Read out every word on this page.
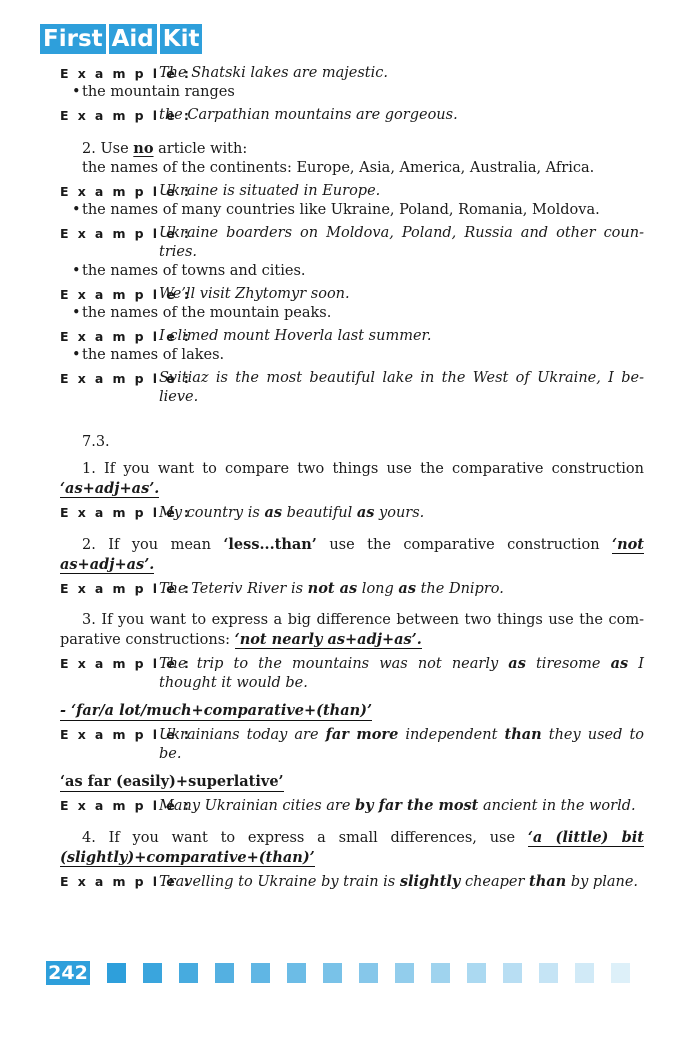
First Aid Kit
E x a m p l e :
The Shatski lakes are majestic.
• the mountain ranges
E x a m p l e :
the Carpathian mountains are gorgeous.
2. Use no article with:
the names of the continents: Europe, Asia, America, Australia, Africa.
E x a m p l e :
Ukraine is situated in Europe.
• the names of many countries like Ukraine, Poland, Romania, Moldova.
E x a m p l e :
Ukraine boarders on Moldova, Poland, Russia and other coun-tries.
• the names of towns and cities.
E x a m p l e :
We’ll visit Zhytomyr soon.
• the names of the mountain peaks.
E x a m p l e :
I climed mount Hoverla last summer.
• the names of lakes.
E x a m p l e :
Svitiaz is the most beautiful lake in the West of Ukraine, I be-lieve.
7.3.
1. If you want to compare two things use the comparative construction ‘as+adj+as’.
E x a m p l e :
My country is as beautiful as yours.
2. If you mean ‘less...than’ use the comparative construction ‘not as+adj+as’.
E x a m p l e :
The Teteriv River is not as long as the Dnipro.
3. If you want to express a big difference between two things use the com-parative constructions: ‘not nearly as+adj+as’.
E x a m p l e :
The trip to the mountains was not nearly as tiresome as I thought it would be.
- ‘far/a lot/much+comparative+(than)’
E x a m p l e :
Ukrainians today are far more independent than they used to be.
‘as far (easily)+superlative’
E x a m p l e :
Many Ukrainian cities are by far the most ancient in the world.
4. If you want to express a small differences, use ‘a (little) bit (slightly)+comparative+(than)’
E x a m p l e :
Travelling to Ukraine by train is slightly cheaper than by plane.
242
